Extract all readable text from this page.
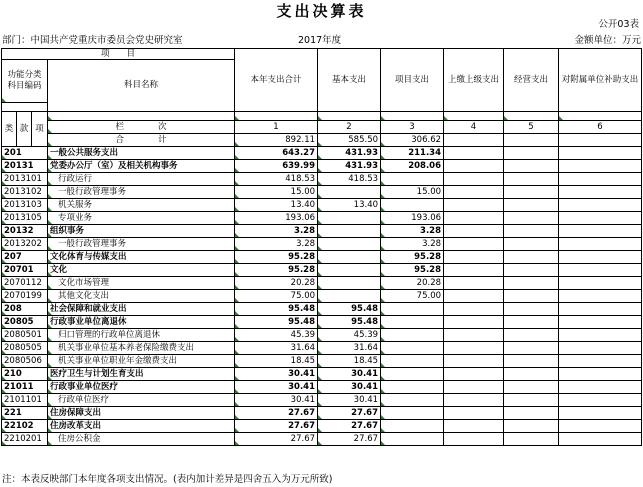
支出决算表
公开03表
部门：中国共产党重庆市委员会党史研究室	2017年度	金额单位：万元
项　　目				本年支出合计	基本支出	项目支出	上缴上级支出	经营支出	对附属单位补助支出
功能分类科目编码			科目名称						

类	款	项							
			栏　　　　次	1	2	3	4	5	6
			合　　　　计	892.11	585.50	306.62			
201			一般公共服务支出	643.27	431.93	211.34			
20131			党委办公厅（室）及相关机构事务	639.99	431.93	208.06			
2013101			行政运行	418.53	418.53				
2013102			一般行政管理事务	15.00		15.00			
2013103			机关服务	13.40	13.40				
2013105			专项业务	193.06		193.06			
20132			组织事务	3.28		3.28			
2013202			一般行政管理事务	3.28		3.28			
207			文化体育与传媒支出	95.28		95.28			
20701			文化	95.28		95.28			
2070112			文化市场管理	20.28		20.28			
2070199			其他文化支出	75.00		75.00			
208			社会保障和就业支出	95.48	95.48				
20805			行政事业单位离退休	95.48	95.48				
2080501			归口管理的行政单位离退休	45.39	45.39				
2080505			机关事业单位基本养老保险缴费支出	31.64	31.64				
2080506			机关事业单位职业年金缴费支出	18.45	18.45				
210			医疗卫生与计划生育支出	30.41	30.41				
21011			行政事业单位医疗	30.41	30.41				
2101101			行政单位医疗	30.41	30.41				
221			住房保障支出	27.67	27.67				
22102			住房改革支出	27.67	27.67				
2210201			住房公积金	27.67	27.67				
注：本表反映部门本年度各项支出情况。(表内加计差异是四舍五入为万元所致)
